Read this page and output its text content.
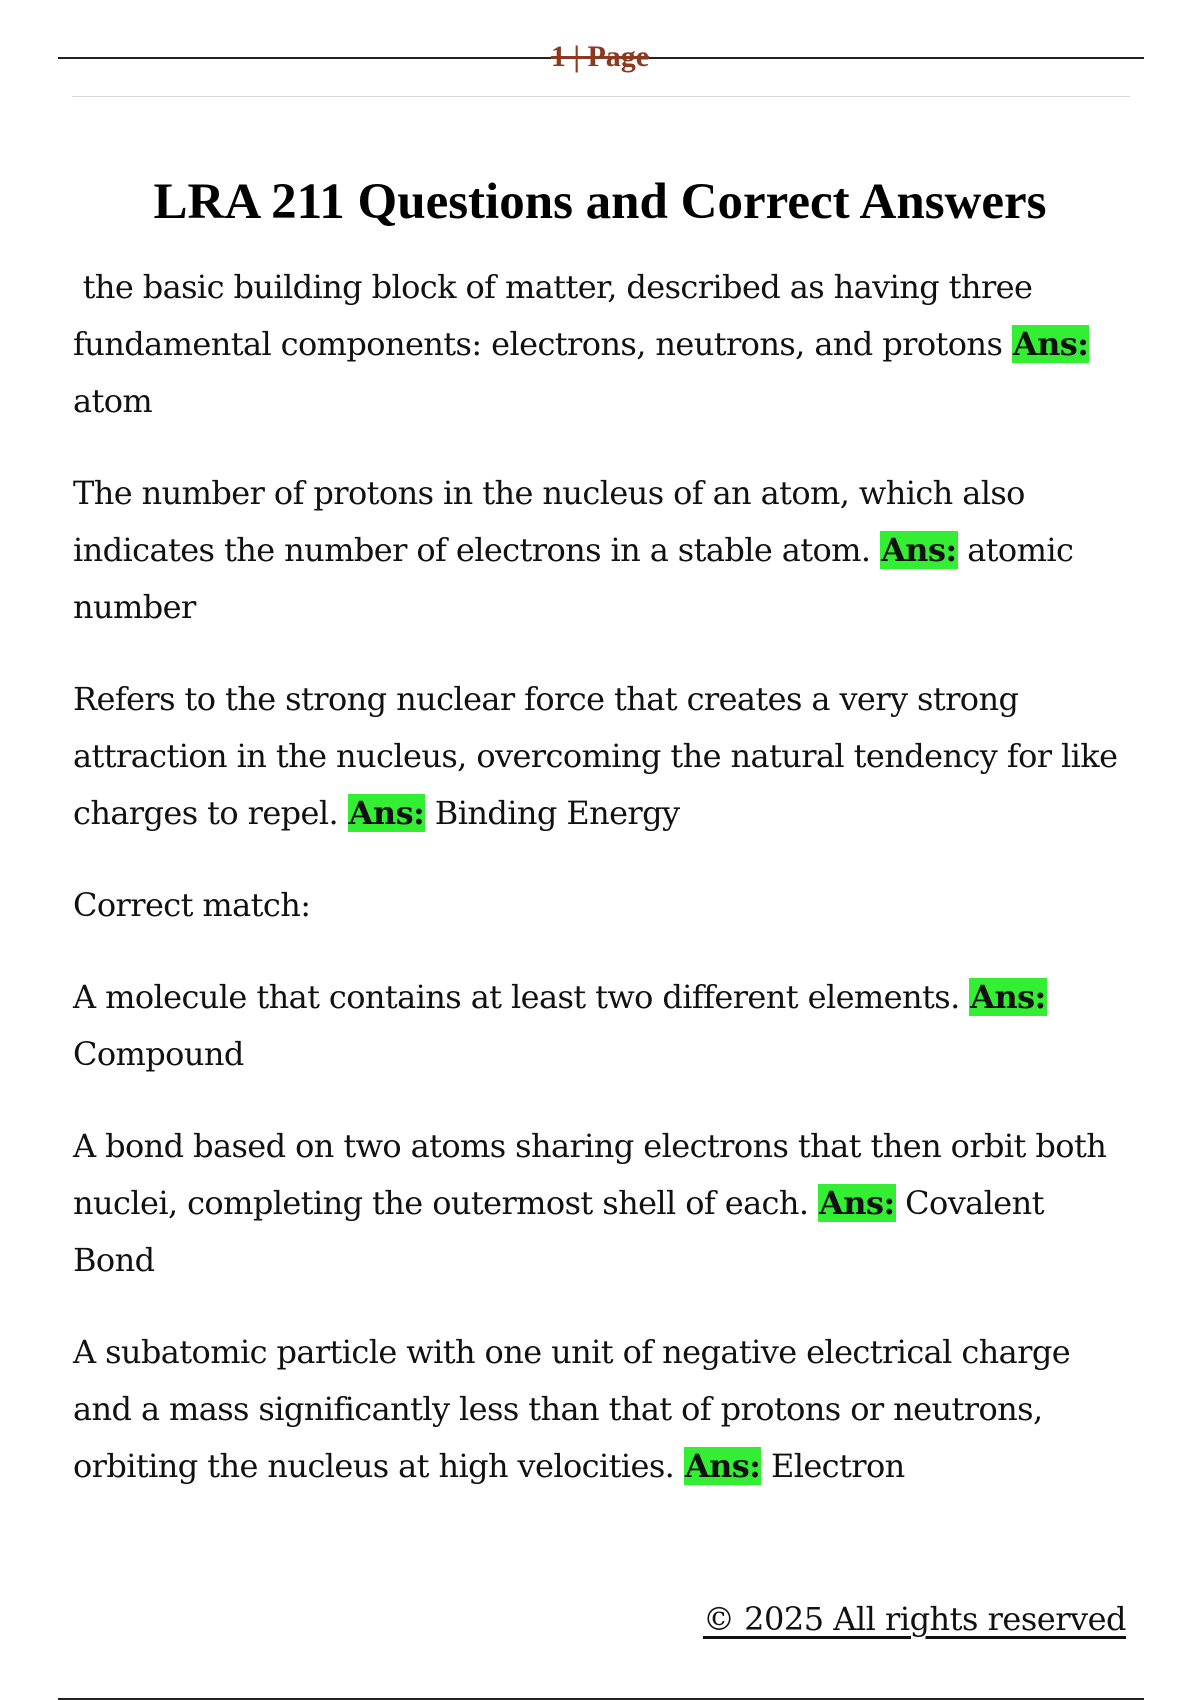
1 | Page
LRA 211 Questions and Correct Answers

the basic building block of matter, described as having three fundamental components: electrons, neutrons, and protons Ans: atom

The number of protons in the nucleus of an atom, which also indicates the number of electrons in a stable atom. Ans: atomic number

Refers to the strong nuclear force that creates a very strong attraction in the nucleus, overcoming the natural tendency for like charges to repel. Ans: Binding Energy

Correct match:

A molecule that contains at least two different elements. Ans: Compound

A bond based on two atoms sharing electrons that then orbit both nuclei, completing the outermost shell of each. Ans: Covalent Bond

A subatomic particle with one unit of negative electrical charge and a mass significantly less than that of protons or neutrons, orbiting the nucleus at high velocities. Ans: Electron

© 2025 All rights reserved
